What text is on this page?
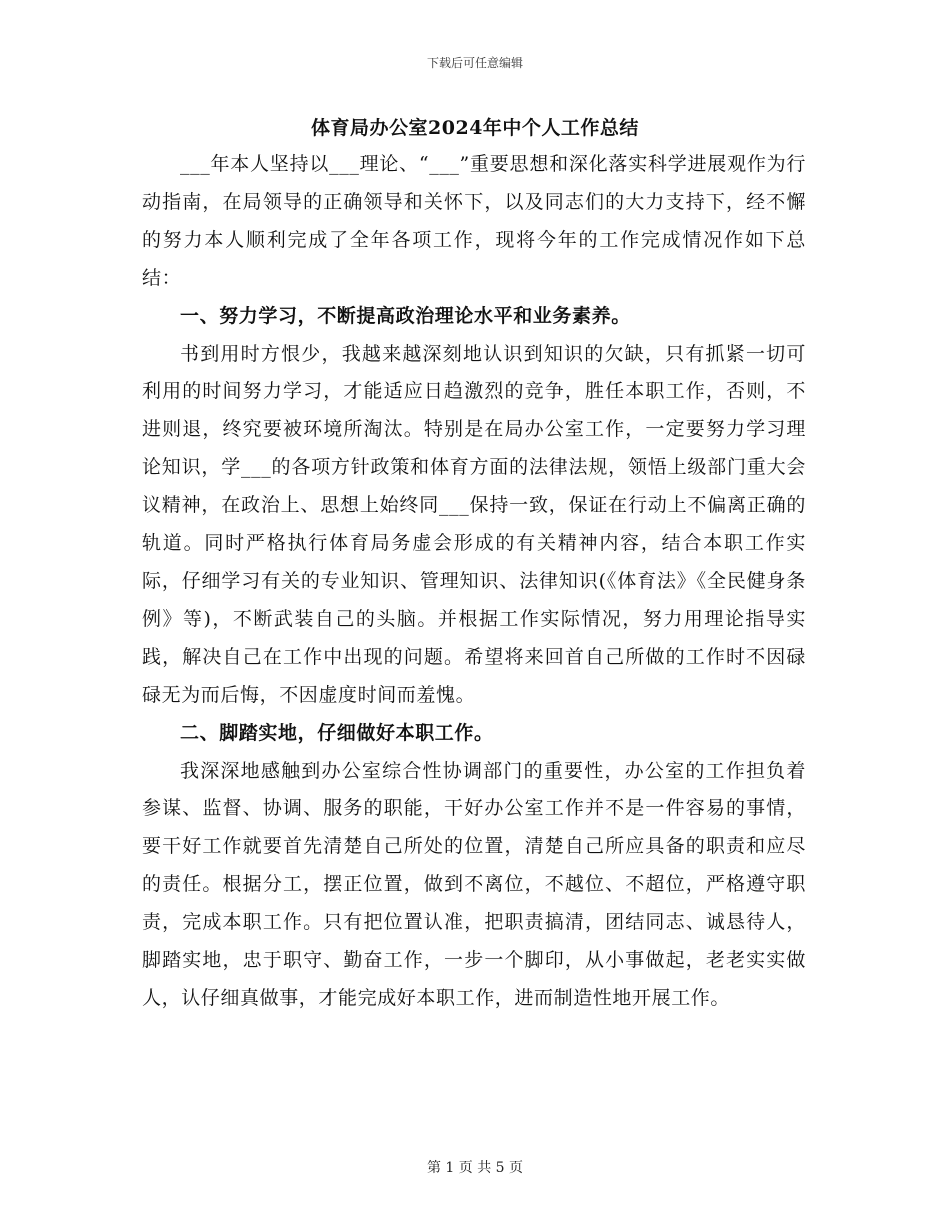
下载后可任意编辑
体育局办公室2024年中个人工作总结

___年本人坚持以___理论、“___”重要思想和深化落实科学进展观作为行动指南，在局领导的正确领导和关怀下，以及同志们的大力支持下，经不懈的努力本人顺利完成了全年各项工作，现将今年的工作完成情况作如下总结：

一、努力学习，不断提高政治理论水平和业务素养。

书到用时方恨少，我越来越深刻地认识到知识的欠缺，只有抓紧一切可利用的时间努力学习，才能适应日趋激烈的竞争，胜任本职工作，否则，不进则退，终究要被环境所淘汰。特别是在局办公室工作，一定要努力学习理论知识，学___的各项方针政策和体育方面的法律法规，领悟上级部门重大会议精神，在政治上、思想上始终同___保持一致，保证在行动上不偏离正确的轨道。同时严格执行体育局务虚会形成的有关精神内容，结合本职工作实际，仔细学习有关的专业知识、管理知识、法律知识(《体育法》《全民健身条例》等)，不断武装自己的头脑。并根据工作实际情况，努力用理论指导实践，解决自己在工作中出现的问题。希望将来回首自己所做的工作时不因碌碌无为而后悔，不因虚度时间而羞愧。

二、脚踏实地，仔细做好本职工作。

我深深地感触到办公室综合性协调部门的重要性，办公室的工作担负着参谋、监督、协调、服务的职能，干好办公室工作并不是一件容易的事情，要干好工作就要首先清楚自己所处的位置，清楚自己所应具备的职责和应尽的责任。根据分工，摆正位置，做到不离位，不越位、不超位，严格遵守职责，完成本职工作。只有把位置认准，把职责搞清，团结同志、诚恳待人，脚踏实地，忠于职守、勤奋工作，一步一个脚印，从小事做起，老老实实做人，认仔细真做事，才能完成好本职工作，进而制造性地开展工作。

第 1 页 共 5 页
